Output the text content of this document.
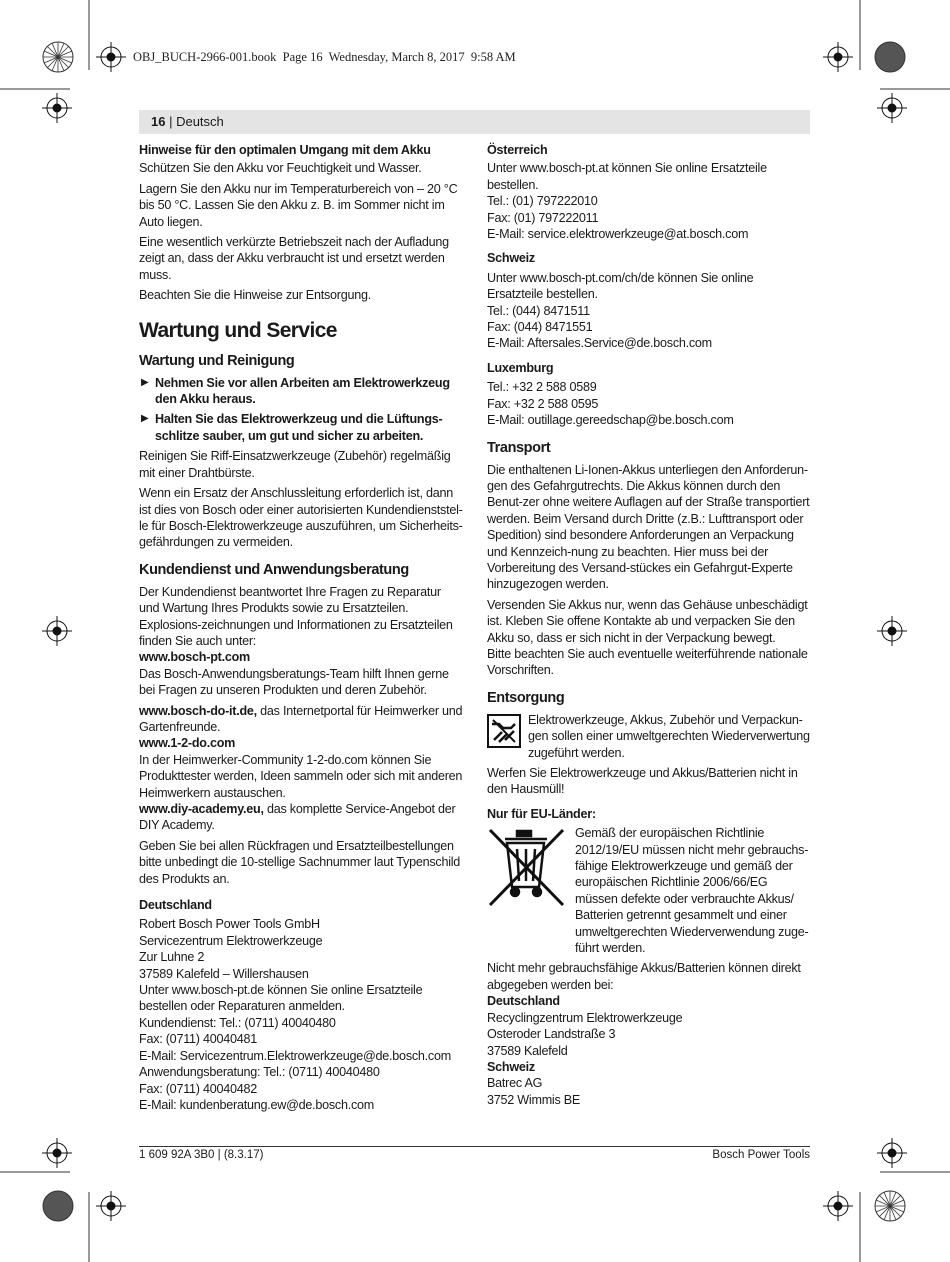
OBJ_BUCH-2966-001.book  Page 16  Wednesday, March 8, 2017  9:58 AM
16 | Deutsch

Hinweise für den optimalen Umgang mit dem Akku

Schützen Sie den Akku vor Feuchtigkeit und Wasser.

Lagern Sie den Akku nur im Temperaturbereich von – 20 °C bis 50 °C. Lassen Sie den Akku z. B. im Sommer nicht im Auto liegen.

Eine wesentlich verkürzte Betriebszeit nach der Aufladung zeigt an, dass der Akku verbraucht ist und ersetzt werden muss.

Beachten Sie die Hinweise zur Entsorgung.

Wartung und Service
Wartung und Reinigung
▶ Nehmen Sie vor allen Arbeiten am Elektrowerkzeug den Akku heraus.
▶ Halten Sie das Elektrowerkzeug und die Lüftungs-schlitze sauber, um gut und sicher zu arbeiten.

Reinigen Sie Riff-Einsatzwerkzeuge (Zubehör) regelmäßig mit einer Drahtbürste.

Wenn ein Ersatz der Anschlussleitung erforderlich ist, dann ist dies von Bosch oder einer autorisierten Kundendienststel-le für Bosch-Elektrowerkzeuge auszuführen, um Sicherheits-gefährdungen zu vermeiden.

Kundendienst und Anwendungsberatung

Der Kundendienst beantwortet Ihre Fragen zu Reparatur und Wartung Ihres Produkts sowie zu Ersatzteilen. Explosions-zeichnungen und Informationen zu Ersatzteilen finden Sie auch unter:

www.bosch-pt.com

Das Bosch-Anwendungsberatungs-Team hilft Ihnen gerne bei Fragen zu unseren Produkten und deren Zubehör.

www.bosch-do-it.de, das Internetportal für Heimwerker und Gartenfreunde.

www.1-2-do.com

In der Heimwerker-Community 1-2-do.com können Sie Produkttester werden, Ideen sammeln oder sich mit anderen Heimwerkern austauschen.

www.diy-academy.eu, das komplette Service-Angebot der DIY Academy.

Geben Sie bei allen Rückfragen und Ersatzteilbestellungen bitte unbedingt die 10-stellige Sachnummer laut Typenschild des Produkts an.

Deutschland
Robert Bosch Power Tools GmbH
Servicezentrum Elektrowerkzeuge
Zur Luhne 2
37589 Kalefeld – Willershausen
Unter www.bosch-pt.de können Sie online Ersatzteile
bestellen oder Reparaturen anmelden.
Kundendienst: Tel.: (0711) 40040480
Fax: (0711) 40040481
E-Mail: Servicezentrum.Elektrowerkzeuge@de.bosch.com
Anwendungsberatung: Tel.: (0711) 40040480
Fax: (0711) 40040482
E-Mail: kundenberatung.ew@de.bosch.com
Österreich
Unter www.bosch-pt.at können Sie online Ersatzteile
bestellen.
Tel.: (01) 797222010
Fax: (01) 797222011
E-Mail: service.elektrowerkzeuge@at.bosch.com
Schweiz
Unter www.bosch-pt.com/ch/de können Sie online
Ersatzteile bestellen.
Tel.: (044) 8471511
Fax: (044) 8471551
E-Mail: Aftersales.Service@de.bosch.com
Luxemburg
Tel.: +32 2 588 0589
Fax: +32 2 588 0595
E-Mail: outillage.gereedschap@be.bosch.com
Transport

Die enthaltenen Li-Ionen-Akkus unterliegen den Anforderun-gen des Gefahrgutrechts. Die Akkus können durch den Benut-zer ohne weitere Auflagen auf der Straße transportiert werden. Beim Versand durch Dritte (z.B.: Lufttransport oder Spedition) sind besondere Anforderungen an Verpackung und Kennzeich-nung zu beachten. Hier muss bei der Vorbereitung des Versand-stückes ein Gefahrgut-Experte hinzugezogen werden.

Versenden Sie Akkus nur, wenn das Gehäuse unbeschädigt ist. Kleben Sie offene Kontakte ab und verpacken Sie den Akku so, dass er sich nicht in der Verpackung bewegt.

Bitte beachten Sie auch eventuelle weiterführende nationale Vorschriften.

Entsorgung
Elektrowerkzeuge, Akkus, Zubehör und Verpackun-gen sollen einer umweltgerechten Wiederverwertung zugeführt werden.

Werfen Sie Elektrowerkzeuge und Akkus/Batterien nicht in den Hausmüll!

Nur für EU-Länder:
Gemäß der europäischen Richtlinie 2012/19/EU müssen nicht mehr gebrauchs-fähige Elektrowerkzeuge und gemäß der europäischen Richtlinie 2006/66/EG müssen defekte oder verbrauchte Akkus/ Batterien getrennt gesammelt und einer umweltgerechten Wiederverwendung zuge-führt werden.

Nicht mehr gebrauchsfähige Akkus/Batterien können direkt abgegeben werden bei:

Deutschland
Recyclingzentrum Elektrowerkzeuge
Osteroder Landstraße 3
37589 Kalefeld
Schweiz
Batrec AG
3752 Wimmis BE
1 609 92A 3B0 | (8.3.17)	Bosch Power Tools
